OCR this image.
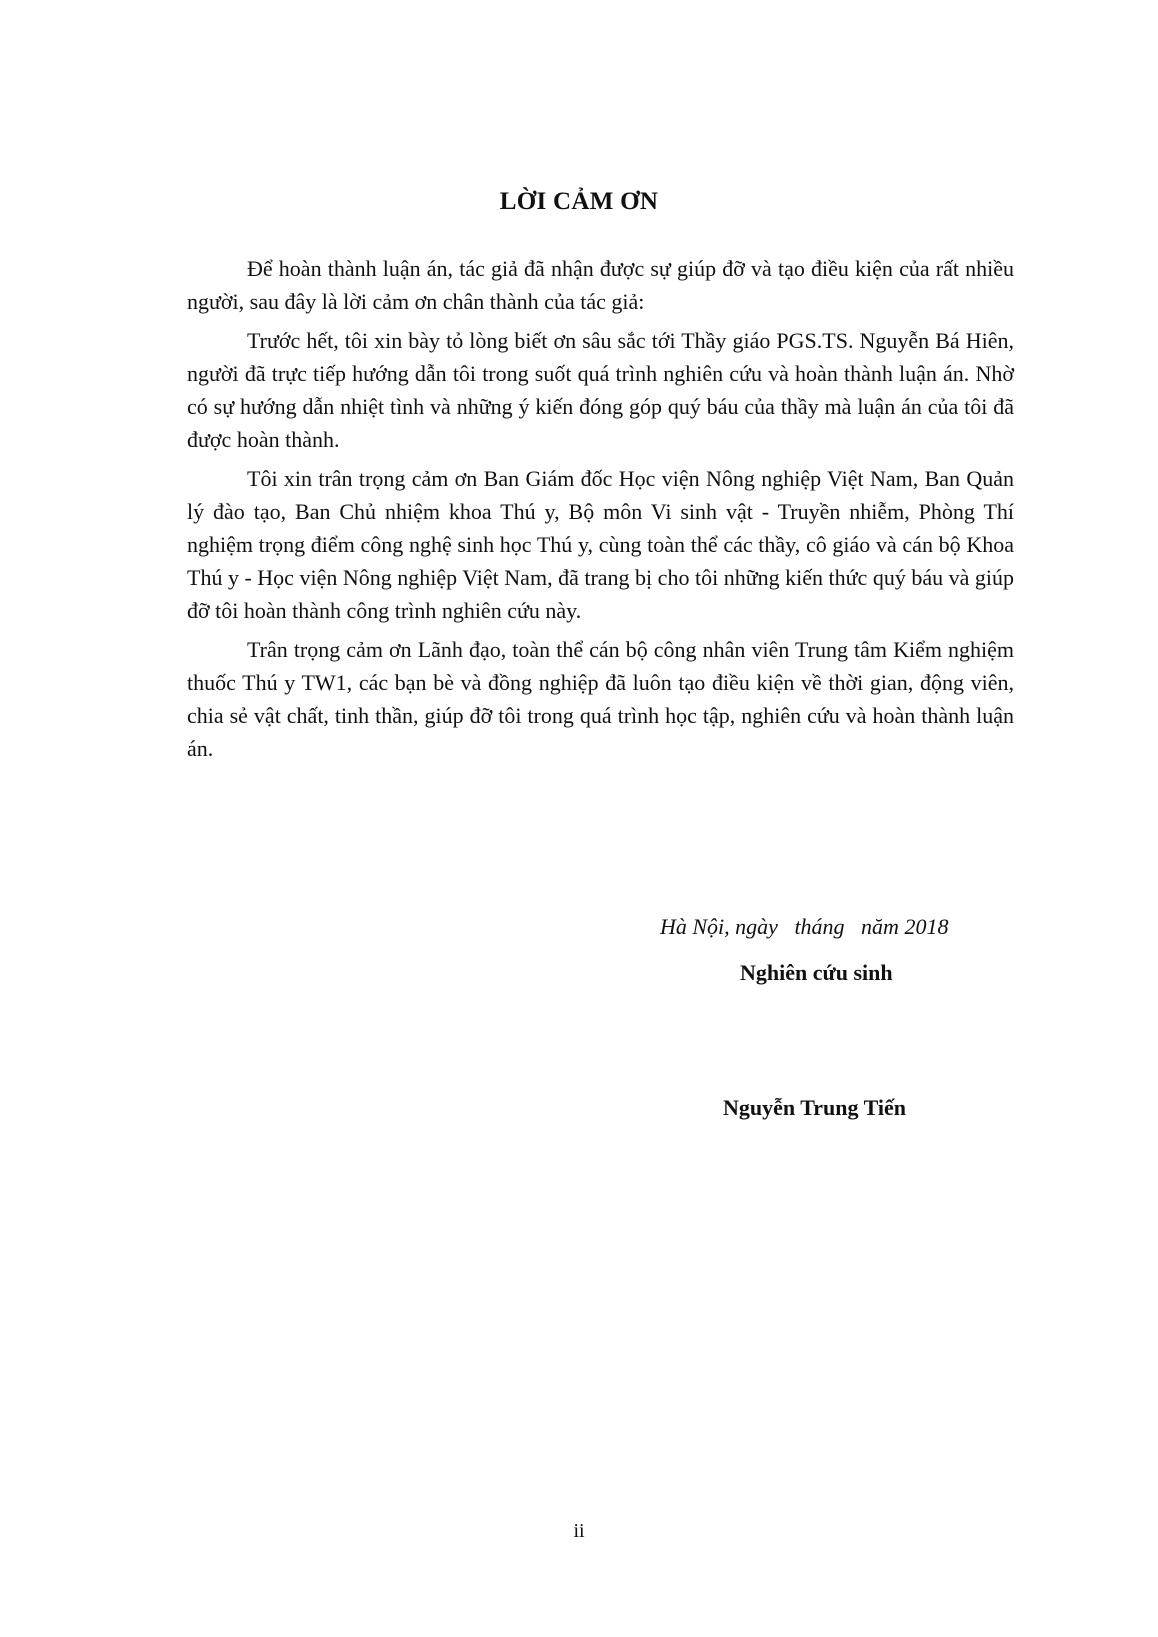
LỜI CẢM ƠN

Để hoàn thành luận án, tác giả đã nhận được sự giúp đỡ và tạo điều kiện của rất nhiều người, sau đây là lời cảm ơn chân thành của tác giả:

Trước hết, tôi xin bày tỏ lòng biết ơn sâu sắc tới Thầy giáo PGS.TS. Nguyễn Bá Hiên, người đã trực tiếp hướng dẫn tôi trong suốt quá trình nghiên cứu và hoàn thành luận án. Nhờ có sự hướng dẫn nhiệt tình và những ý kiến đóng góp quý báu của thầy mà luận án của tôi đã được hoàn thành.

Tôi xin trân trọng cảm ơn Ban Giám đốc Học viện Nông nghiệp Việt Nam, Ban Quản lý đào tạo, Ban Chủ nhiệm khoa Thú y, Bộ môn Vi sinh vật - Truyền nhiễm, Phòng Thí nghiệm trọng điểm công nghệ sinh học Thú y, cùng toàn thể các thầy, cô giáo và cán bộ Khoa Thú y - Học viện Nông nghiệp Việt Nam, đã trang bị cho tôi những kiến thức quý báu và giúp đỡ tôi hoàn thành công trình nghiên cứu này.

Trân trọng cảm ơn Lãnh đạo, toàn thể cán bộ công nhân viên Trung tâm Kiểm nghiệm thuốc Thú y TW1, các bạn bè và đồng nghiệp đã luôn tạo điều kiện về thời gian, động viên, chia sẻ vật chất, tinh thần, giúp đỡ tôi trong quá trình học tập, nghiên cứu và hoàn thành luận án.

Hà Nội, ngày   tháng   năm 2018
Nghiên cứu sinh
Nguyễn Trung Tiến
ii
